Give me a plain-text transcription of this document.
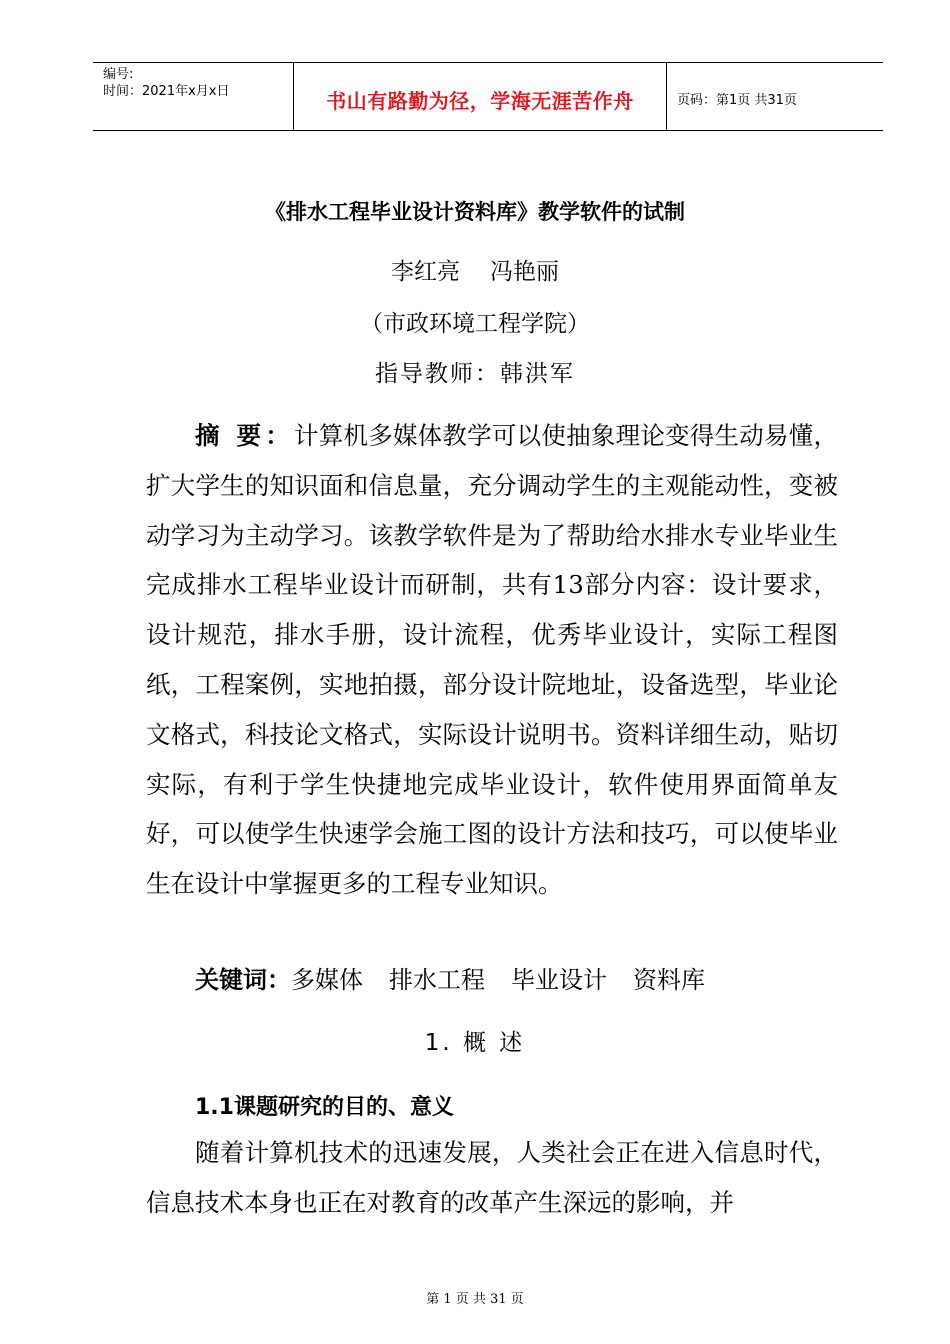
编号:
时间：2021年x月x日	书山有路勤为径，学海无涯苦作舟	页码：第1页 共31页
《排水工程毕业设计资料库》教学软件的试制
李红亮 冯艳丽
（市政环境工程学院）
指导教师：韩洪军
摘 要：计算机多媒体教学可以使抽象理论变得生动易懂，扩大学生的知识面和信息量，充分调动学生的主观能动性，变被动学习为主动学习。该教学软件是为了帮助给水排水专业毕业生完成排水工程毕业设计而研制，共有13部分内容：设计要求，设计规范，排水手册，设计流程，优秀毕业设计，实际工程图纸，工程案例，实地拍摄，部分设计院地址，设备选型，毕业论文格式，科技论文格式，实际设计说明书。资料详细生动，贴切实际，有利于学生快捷地完成毕业设计，软件使用界面简单友好，可以使学生快速学会施工图的设计方法和技巧，可以使毕业生在设计中掌握更多的工程专业知识。
关键词：多媒体 排水工程 毕业设计 资料库
1. 概 述
1.1课题研究的目的、意义
随着计算机技术的迅速发展，人类社会正在进入信息时代，信息技术本身也正在对教育的改革产生深远的影响，并
第 1 页 共 31 页
